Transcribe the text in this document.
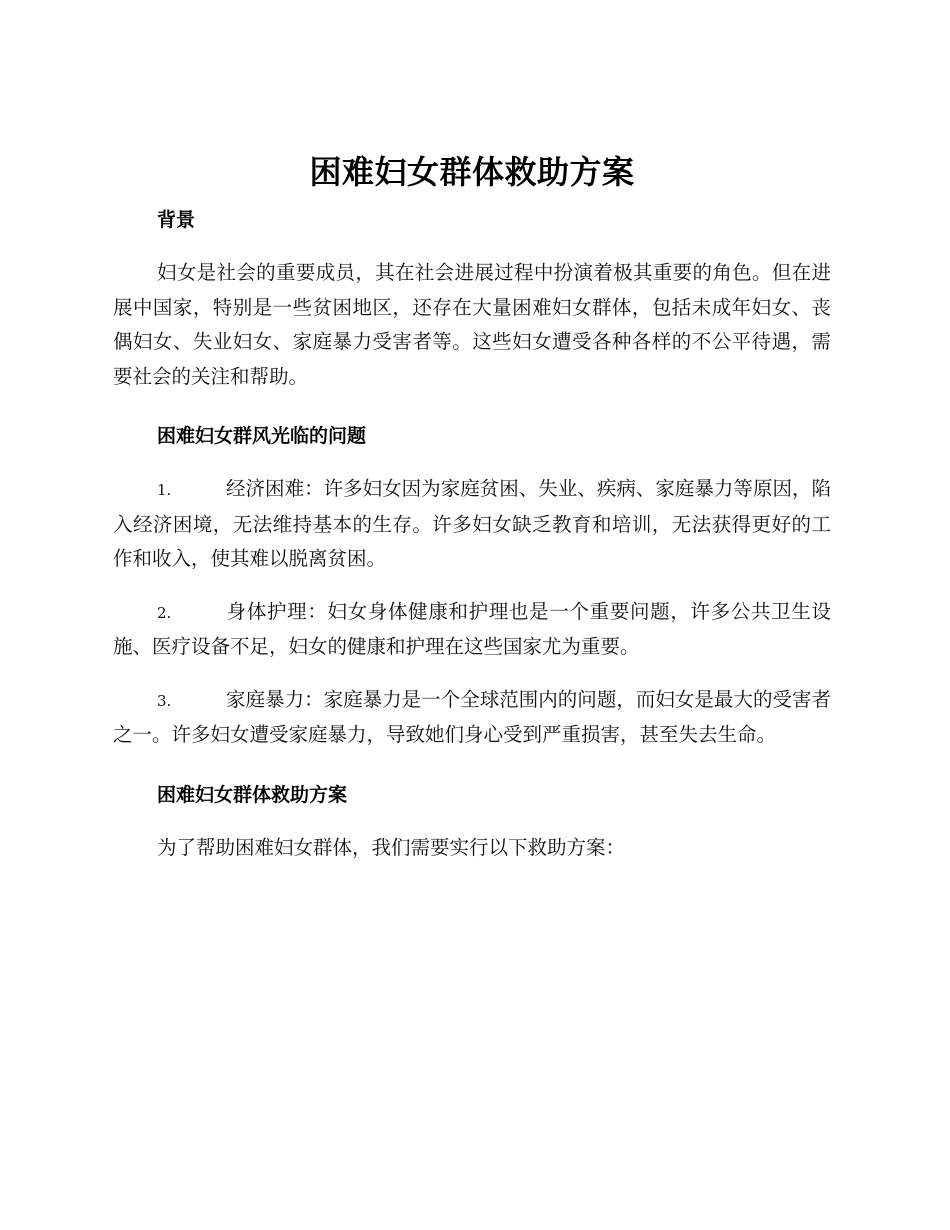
困难妇女群体救助方案
背景

妇女是社会的重要成员，其在社会进展过程中扮演着极其重要的角色。但在进展中国家，特别是一些贫困地区，还存在大量困难妇女群体，包括未成年妇女、丧偶妇女、失业妇女、家庭暴力受害者等。这些妇女遭受各种各样的不公平待遇，需要社会的关注和帮助。

困难妇女群风光临的问题

1.	经济困难：许多妇女因为家庭贫困、失业、疾病、家庭暴力等原因，陷入经济困境，无法维持基本的生存。许多妇女缺乏教育和培训，无法获得更好的工作和收入，使其难以脱离贫困。

2.	身体护理：妇女身体健康和护理也是一个重要问题，许多公共卫生设施、医疗设备不足，妇女的健康和护理在这些国家尤为重要。

3.	家庭暴力：家庭暴力是一个全球范围内的问题，而妇女是最大的受害者之一。许多妇女遭受家庭暴力，导致她们身心受到严重损害，甚至失去生命。

困难妇女群体救助方案

为了帮助困难妇女群体，我们需要实行以下救助方案：
